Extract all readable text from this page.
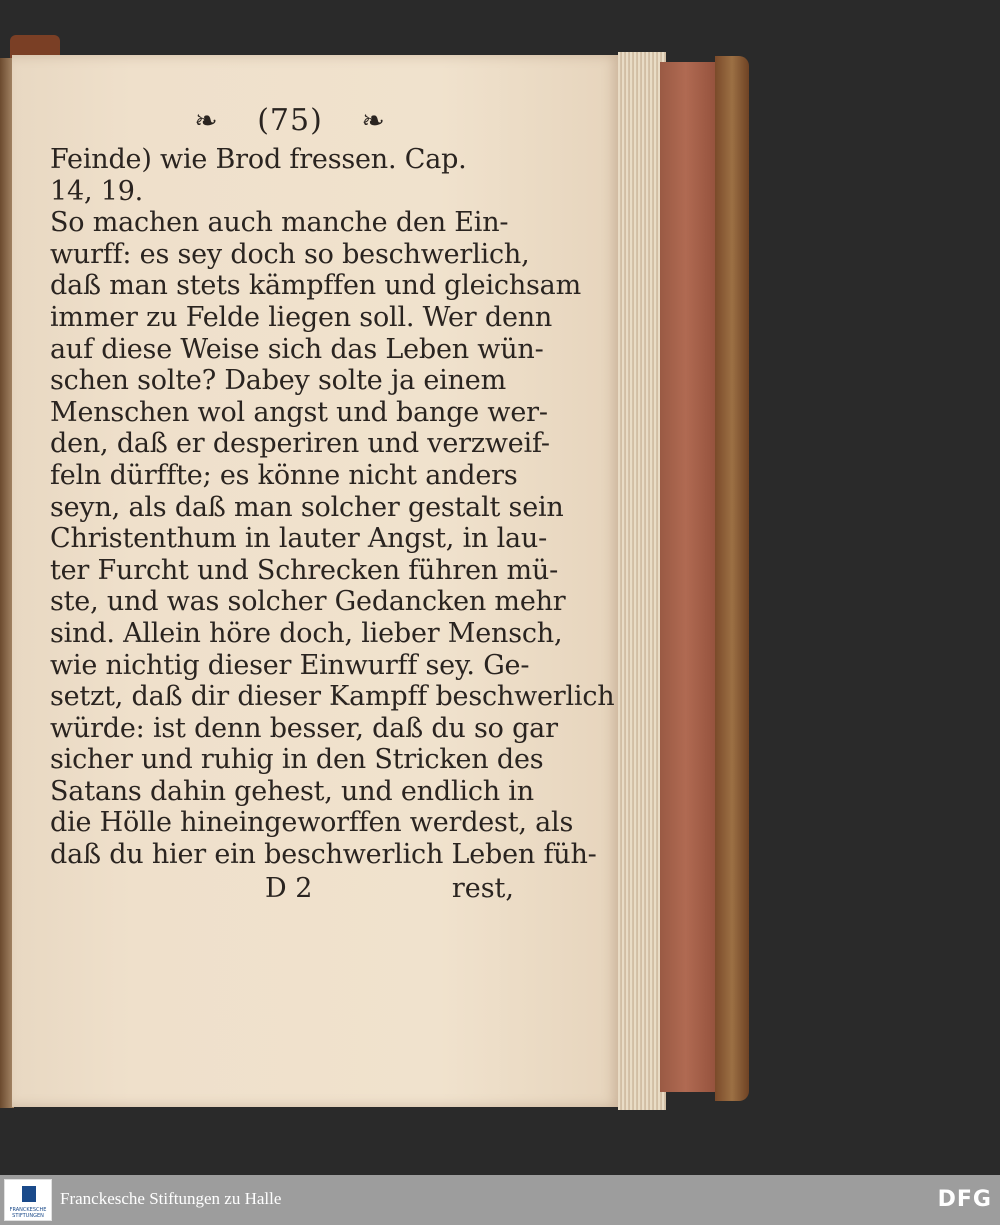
❧ (75) ❧
Feinde) wie Brod fressen. Cap.
14, 19.
So machen auch manche den Ein-
wurff: es sey doch so beschwerlich,
daß man stets kämpffen und gleichsam
immer zu Felde liegen soll. Wer denn
auf diese Weise sich das Leben wün-
schen solte? Dabey solte ja einem
Menschen wol angst und bange wer-
den, daß er desperiren und verzweif-
feln dürffte; es könne nicht anders
seyn, als daß man solcher gestalt sein
Christenthum in lauter Angst, in lau-
ter Furcht und Schrecken führen mü-
ste, und was solcher Gedancken mehr
sind. Allein höre doch, lieber Mensch,
wie nichtig dieser Einwurff sey. Ge-
setzt, daß dir dieser Kampff beschwerlich
würde: ist denn besser, daß du so gar
sicher und ruhig in den Stricken des
Satans dahin gehest, und endlich in
die Hölle hineingeworffen werdest, als
daß du hier ein beschwerlich Leben füh-
D 2	rest,
FRANCKESCHE STIFTUNGEN
Franckesche Stiftungen zu Halle	DFG
